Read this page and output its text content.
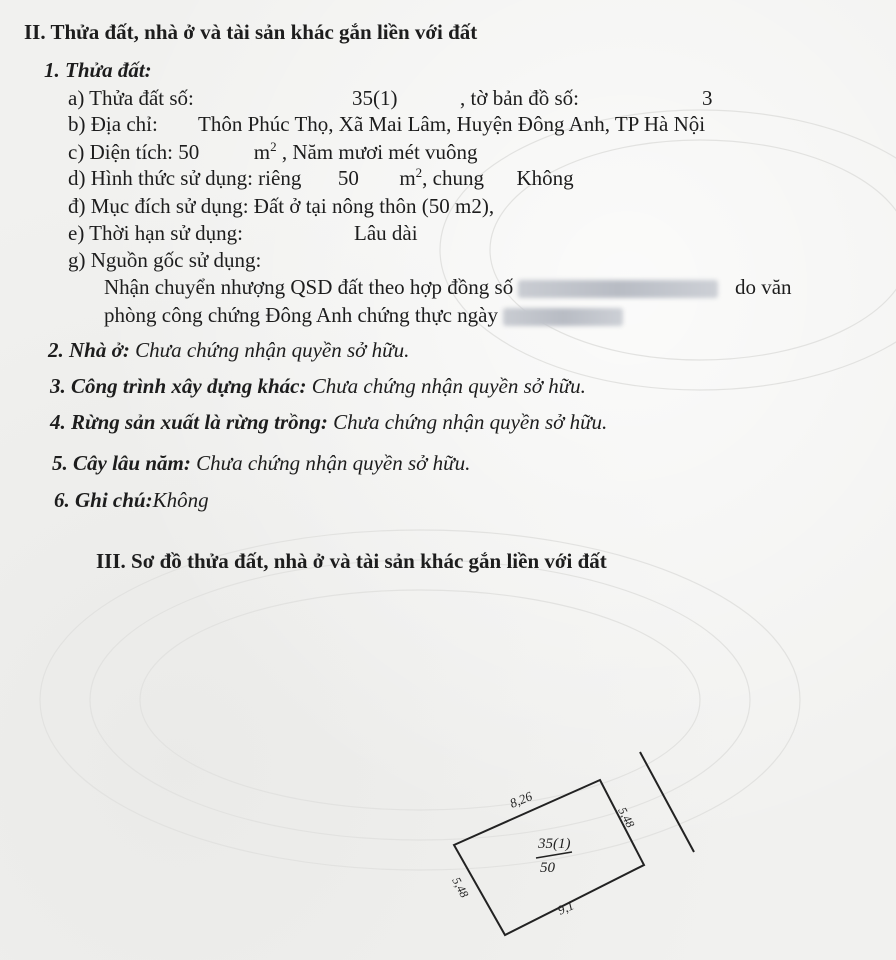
II. Thửa đất, nhà ở và tài sản khác gắn liền với đất
1. Thửa đất:
a) Thửa đất số:	35(1)	, tờ bản đồ số:	3
b) Địa chỉ: Thôn Phúc Thọ, Xã Mai Lâm, Huyện Đông Anh, TP Hà Nội
c) Diện tích: 50	$m^2$ , Năm mươi mét vuông
d) Hình thức sử dụng: riêng 50 $m^2$, chung Không
đ) Mục đích sử dụng: Đất ở tại nông thôn (50 m2),
e) Thời hạn sử dụng:	Lâu dài
g) Nguồn gốc sử dụng:
Nhận chuyển nhượng QSD đất theo hợp đồng số	do văn
phòng công chứng Đông Anh chứng thực ngày
2. Nhà ở: Chưa chứng nhận quyền sở hữu.
3. Công trình xây dựng khác: Chưa chứng nhận quyền sở hữu.
4. Rừng sản xuất là rừng trồng: Chưa chứng nhận quyền sở hữu.
5. Cây lâu năm: Chưa chứng nhận quyền sở hữu.
6. Ghi chú:Không
III. Sơ đồ thửa đất, nhà ở và tài sản khác gắn liền với đất
8,26
5,48
5,48
9,1
35(1)
50
